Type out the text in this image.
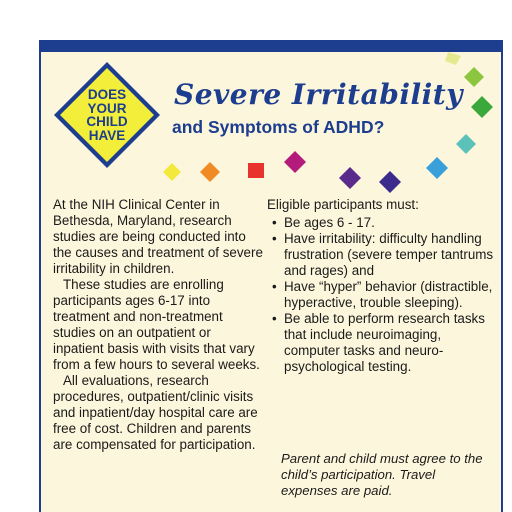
DOES
YOUR
CHILD
HAVE
Severe Irritability
and Symptoms of ADHD?

At the NIH Clinical Center in Bethesda, Maryland, research studies are being conducted into the causes and treatment of severe irritability in children.

These studies are enrolling participants ages 6-17 into treatment and non-treatment studies on an outpatient or inpatient basis with visits that vary from a few hours to several weeks.

All evaluations, research procedures, outpatient/clinic visits and inpatient/day hospital care are free of cost. Children and parents are compensated for participation.

Eligible participants must:

• Be ages 6 - 17.
• Have irritability: difficulty handling frustration (severe temper tantrums and rages) and
• Have “hyper” behavior (distractible, hyperactive, trouble sleeping).
• Be able to perform research tasks that include neuroimaging, computer tasks and neuro-psychological testing.
Parent and child must agree to the child’s participation. Travel expenses are paid.
